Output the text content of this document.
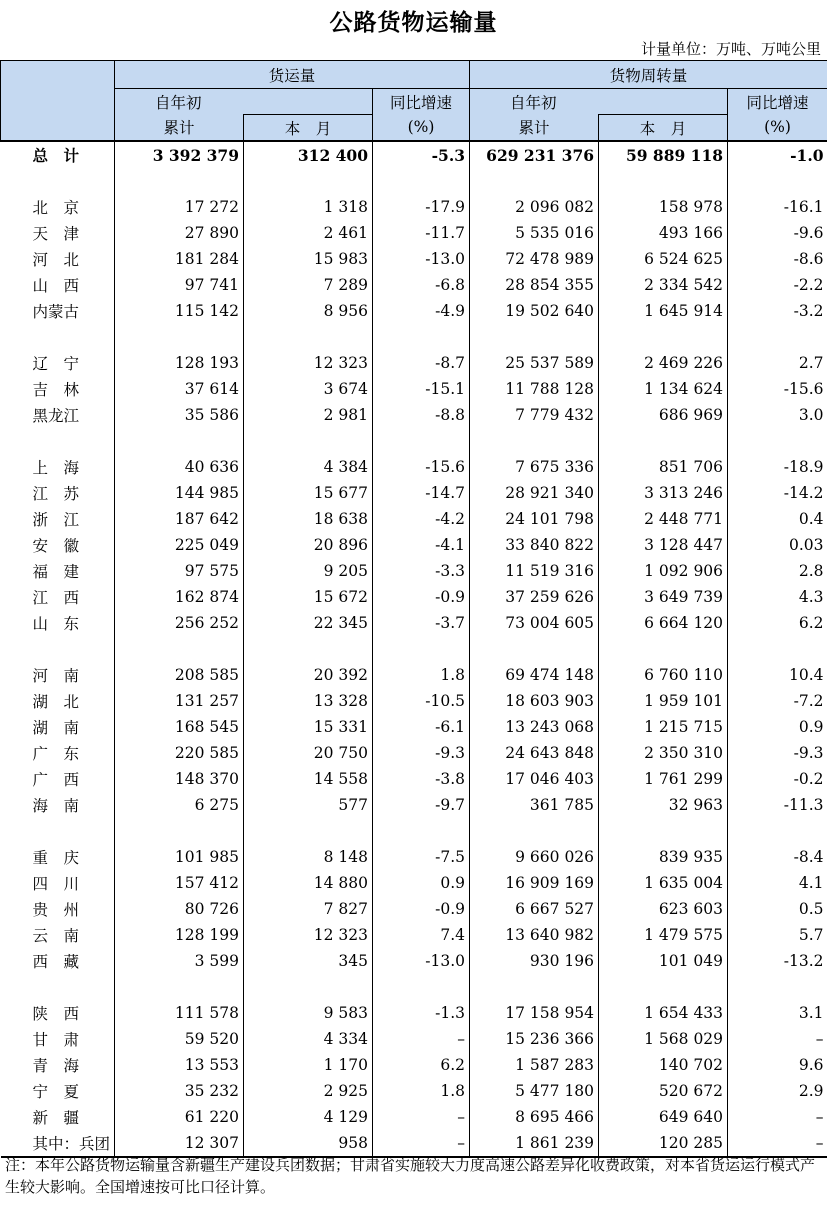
公路货物运输量
计量单位：万吨、万吨公里
	货运量			货物周转量		
	自年初		同比增速	自年初		同比增速
	累计	本　月	(%)	累计	本　月	(%)
总　计	3 392 379	312 400	-5.3	629 231 376	59 889 118	-1.0

北　京	17 272	1 318	-17.9	2 096 082	158 978	-16.1
天　津	27 890	2 461	-11.7	5 535 016	493 166	-9.6
河　北	181 284	15 983	-13.0	72 478 989	6 524 625	-8.6
山　西	97 741	7 289	-6.8	28 854 355	2 334 542	-2.2
内蒙古	115 142	8 956	-4.9	19 502 640	1 645 914	-3.2

辽　宁	128 193	12 323	-8.7	25 537 589	2 469 226	2.7
吉　林	37 614	3 674	-15.1	11 788 128	1 134 624	-15.6
黑龙江	35 586	2 981	-8.8	7 779 432	686 969	3.0

上　海	40 636	4 384	-15.6	7 675 336	851 706	-18.9
江　苏	144 985	15 677	-14.7	28 921 340	3 313 246	-14.2
浙　江	187 642	18 638	-4.2	24 101 798	2 448 771	0.4
安　徽	225 049	20 896	-4.1	33 840 822	3 128 447	0.03
福　建	97 575	9 205	-3.3	11 519 316	1 092 906	2.8
江　西	162 874	15 672	-0.9	37 259 626	3 649 739	4.3
山　东	256 252	22 345	-3.7	73 004 605	6 664 120	6.2

河　南	208 585	20 392	1.8	69 474 148	6 760 110	10.4
湖　北	131 257	13 328	-10.5	18 603 903	1 959 101	-7.2
湖　南	168 545	15 331	-6.1	13 243 068	1 215 715	0.9
广　东	220 585	20 750	-9.3	24 643 848	2 350 310	-9.3
广　西	148 370	14 558	-3.8	17 046 403	1 761 299	-0.2
海　南	6 275	577	-9.7	361 785	32 963	-11.3

重　庆	101 985	8 148	-7.5	9 660 026	839 935	-8.4
四　川	157 412	14 880	0.9	16 909 169	1 635 004	4.1
贵　州	80 726	7 827	-0.9	6 667 527	623 603	0.5
云　南	128 199	12 323	7.4	13 640 982	1 479 575	5.7
西　藏	3 599	345	-13.0	930 196	101 049	-13.2

陕　西	111 578	9 583	-1.3	17 158 954	1 654 433	3.1
甘　肃	59 520	4 334	–	15 236 366	1 568 029	–
青　海	13 553	1 170	6.2	1 587 283	140 702	9.6
宁　夏	35 232	2 925	1.8	5 477 180	520 672	2.9
新　疆	61 220	4 129	–	8 695 466	649 640	–
其中：兵团	12 307	958	–	1 861 239	120 285	–
注：本年公路货物运输量含新疆生产建设兵团数据；甘肃省实施较大力度高速公路差异化收费政策，对本省货运运行模式产生较大影响。全国增速按可比口径计算。
